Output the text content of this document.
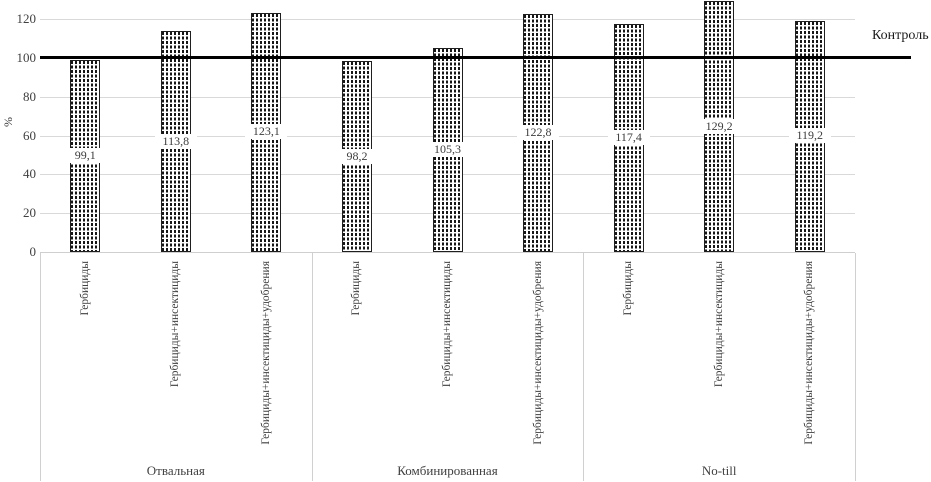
%
Контроль
0
20
40
60
80
100
120
99,1
Гербициды
113,8
Гербициды+инсектициды
123,1
Гербициды+инсектициды+удобрения
Отвальная
98,2
Гербициды
105,3
Гербициды+инсектициды
122,8
Гербициды+инсектициды+удобрения
Комбинированная
117,4
Гербициды
129,2
Гербициды+инсектициды
119,2
Гербициды+инсектициды+удобрения
No-till
